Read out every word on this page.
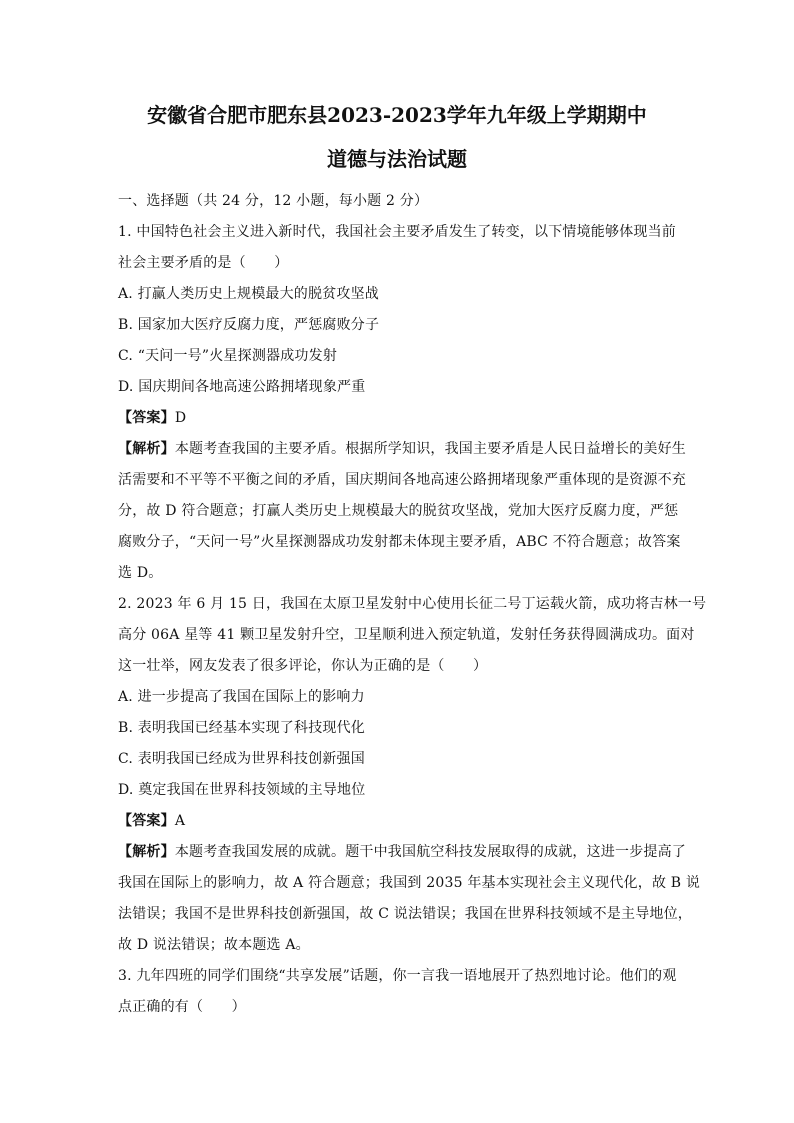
安徽省合肥市肥东县2023-2023学年九年级上学期期中
道德与法治试题
一、选择题（共 24 分，12 小题，每小题 2 分）
1. 中国特色社会主义进入新时代，我国社会主要矛盾发生了转变，以下情境能够体现当前
社会主要矛盾的是（　　）
A. 打赢人类历史上规模最大的脱贫攻坚战
B. 国家加大医疗反腐力度，严惩腐败分子
C. “天问一号”火星探测器成功发射
D. 国庆期间各地高速公路拥堵现象严重
【答案】D
【解析】本题考查我国的主要矛盾。根据所学知识，我国主要矛盾是人民日益增长的美好生
活需要和不平等不平衡之间的矛盾，国庆期间各地高速公路拥堵现象严重体现的是资源不充
分，故 D 符合题意；打赢人类历史上规模最大的脱贫攻坚战，党加大医疗反腐力度，严惩
腐败分子，“天问一号”火星探测器成功发射都未体现主要矛盾，ABC 不符合题意；故答案
选 D。
2. 2023 年 6 月 15 日，我国在太原卫星发射中心使用长征二号丁运载火箭，成功将吉林一号
高分 06A 星等 41 颗卫星发射升空，卫星顺利进入预定轨道，发射任务获得圆满成功。面对
这一壮举，网友发表了很多评论，你认为正确的是（　　）
A. 进一步提高了我国在国际上的影响力
B. 表明我国已经基本实现了科技现代化
C. 表明我国已经成为世界科技创新强国
D. 奠定我国在世界科技领域的主导地位
【答案】A
【解析】本题考查我国发展的成就。题干中我国航空科技发展取得的成就，这进一步提高了
我国在国际上的影响力，故 A 符合题意；我国到 2035 年基本实现社会主义现代化，故 B 说
法错误；我国不是世界科技创新强国，故 C 说法错误；我国在世界科技领域不是主导地位，
故 D 说法错误；故本题选 A。
3. 九年四班的同学们围绕“共享发展”话题，你一言我一语地展开了热烈地讨论。他们的观
点正确的有（　　）
